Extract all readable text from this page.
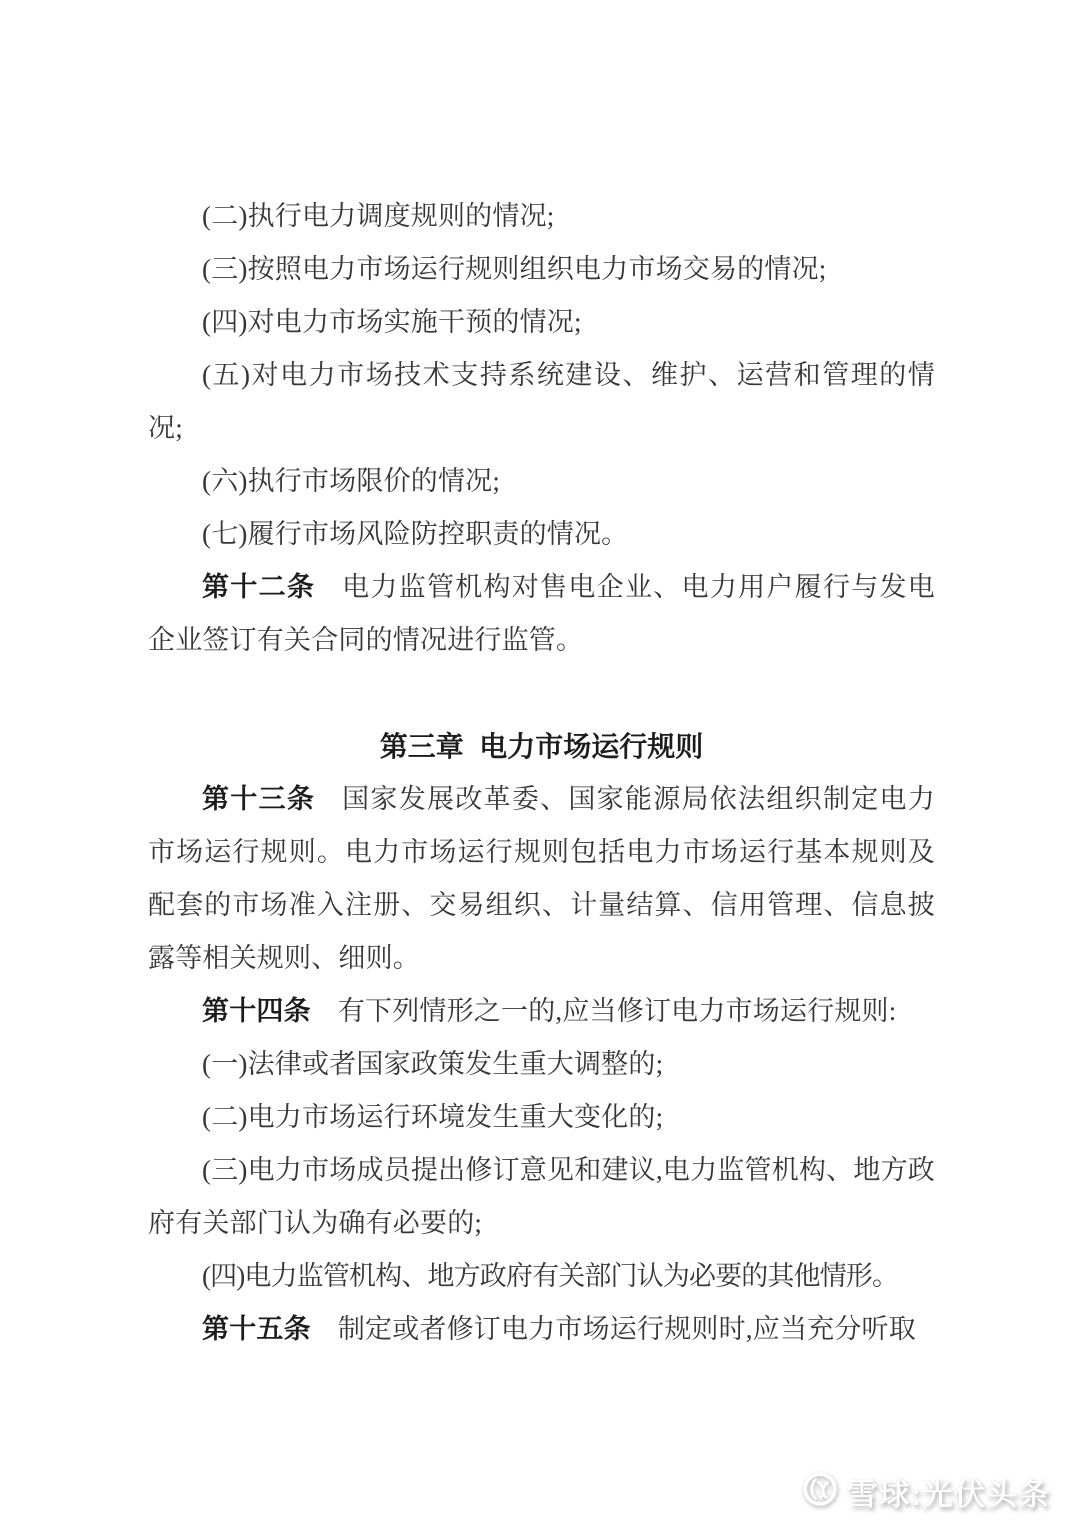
(二)执行电力调度规则的情况;

(三)按照电力市场运行规则组织电力市场交易的情况;

(四)对电力市场实施干预的情况;

(五)对电力市场技术支持系统建设、维护、运营和管理的情况;

(六)执行市场限价的情况;

(七)履行市场风险防控职责的情况。

第十二条 电力监管机构对售电企业、电力用户履行与发电企业签订有关合同的情况进行监管。

第三章 电力市场运行规则

第十三条 国家发展改革委、国家能源局依法组织制定电力市场运行规则。电力市场运行规则包括电力市场运行基本规则及配套的市场准入注册、交易组织、计量结算、信用管理、信息披露等相关规则、细则。

第十四条 有下列情形之一的,应当修订电力市场运行规则:

(一)法律或者国家政策发生重大调整的;

(二)电力市场运行环境发生重大变化的;

(三)电力市场成员提出修订意见和建议,电力监管机构、地方政府有关部门认为确有必要的;

(四)电力监管机构、地方政府有关部门认为必要的其他情形。

第十五条 制定或者修订电力市场运行规则时,应当充分听取

雪球:光伏头条
